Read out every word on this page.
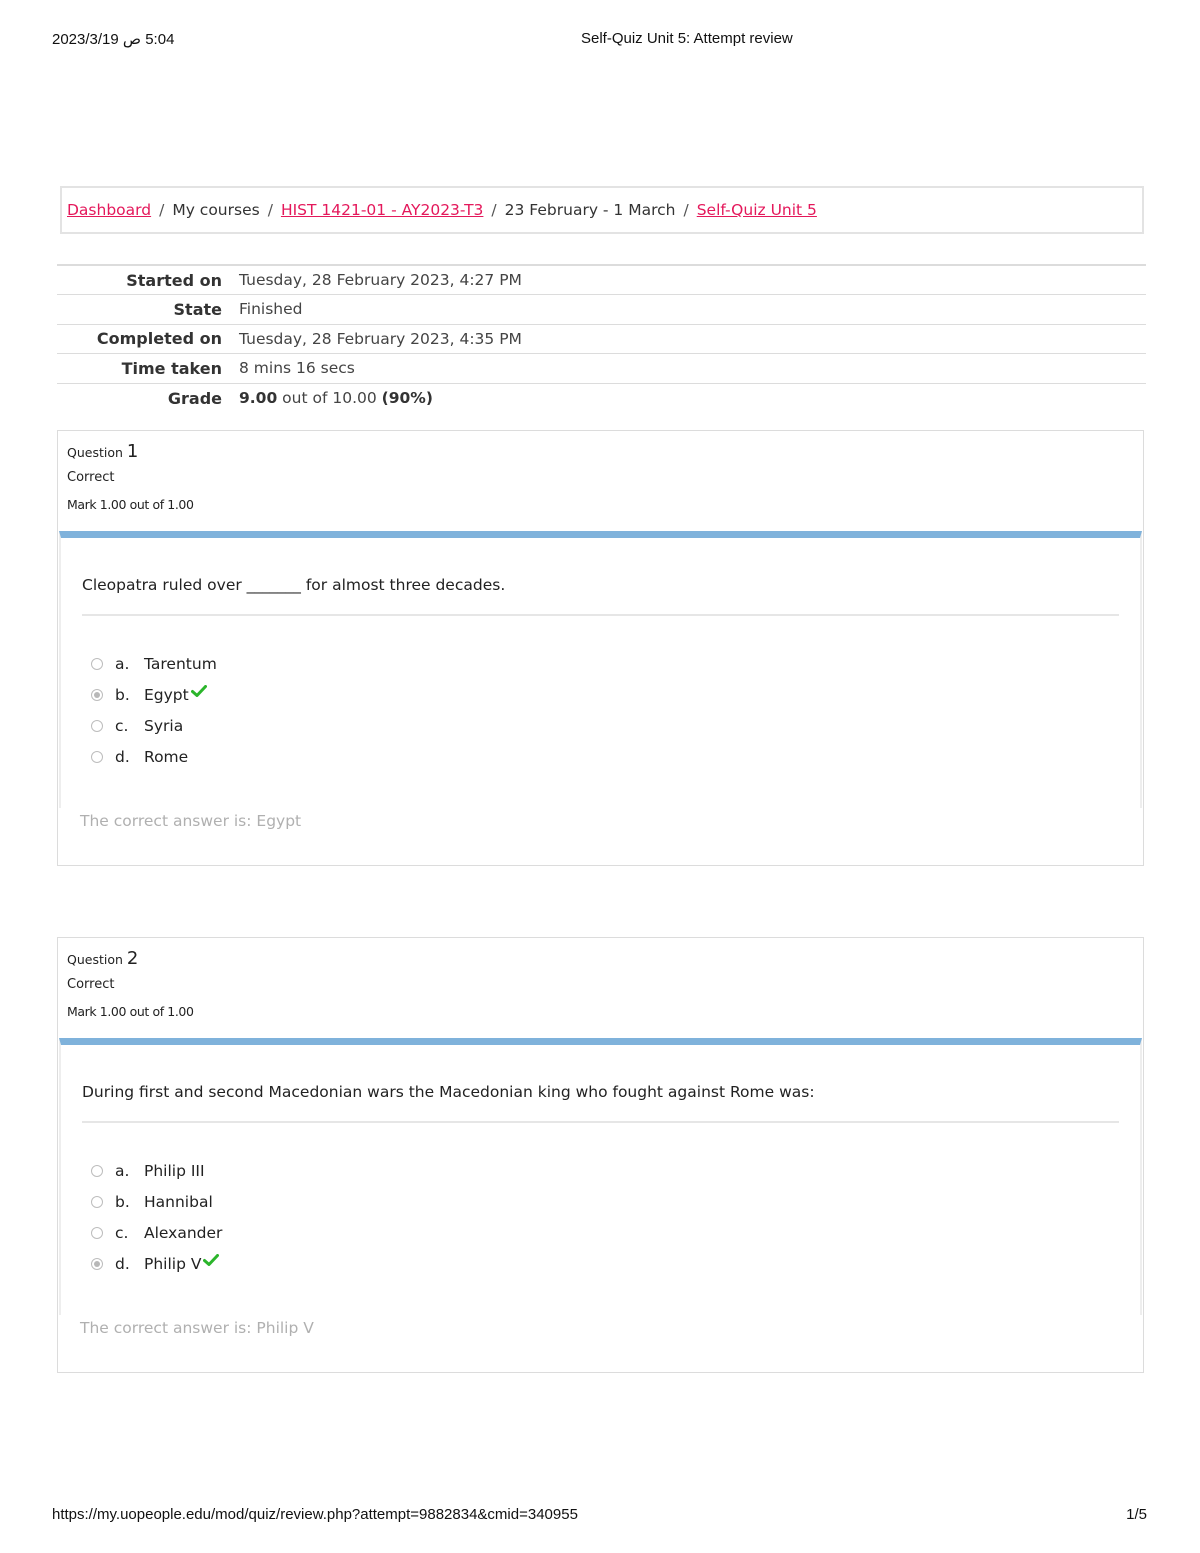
5:04 ص 2023/3/19	Self-Quiz Unit 5: Attempt review
Dashboard / My courses / HIST 1421-01 - AY2023-T3 / 23 February - 1 March / Self-Quiz Unit 5
Started on	Tuesday, 28 February 2023, 4:27 PM
State	Finished
Completed on	Tuesday, 28 February 2023, 4:35 PM
Time taken	8 mins 16 secs
Grade	9.00 out of 10.00 (90%)
Question 1
Correct
Mark 1.00 out of 1.00
Cleopatra ruled over _______ for almost three decades.
a. Tarentum
b. Egypt
c.	Syria
d. Rome
The correct answer is: Egypt
Question 2
Correct
Mark 1.00 out of 1.00
During first and second Macedonian wars the Macedonian king who fought against Rome was:
a. Philip III
b. Hannibal
c.	Alexander
d. Philip V
The correct answer is: Philip V
https://my.uopeople.edu/mod/quiz/review.php?attempt=9882834&cmid=340955	1/5
